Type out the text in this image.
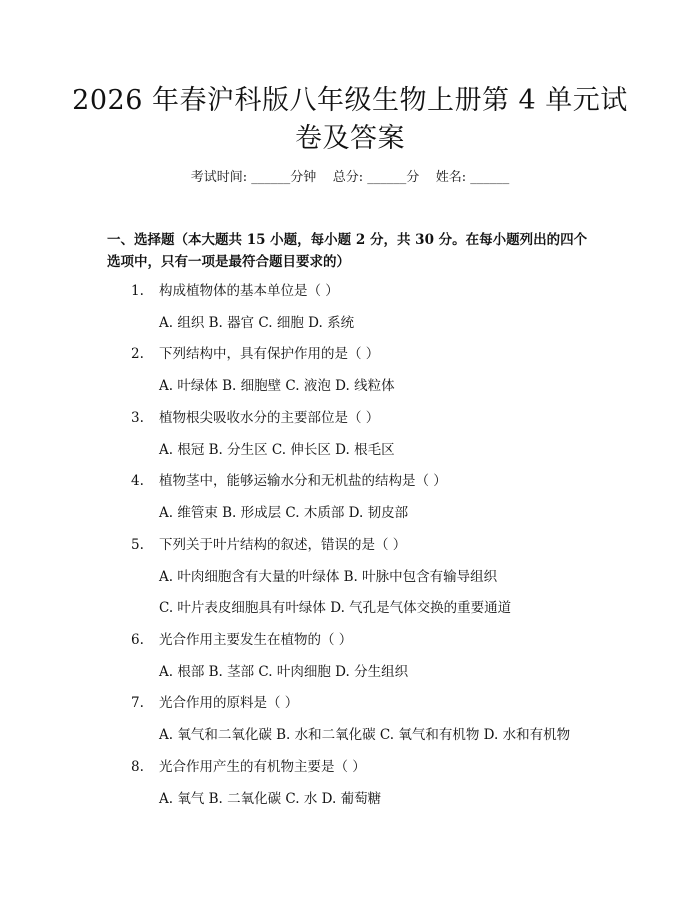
2026 年春沪科版八年级生物上册第 4 单元试
卷及答案
考试时间: ______分钟    总分: ______分    姓名: ______
一、选择题（本大题共 15 小题，每小题 2 分，共 30 分。在每小题列出的四个选项中，只有一项是最符合题目要求的）
1. 构成植物体的基本单位是（ ）
A. 组织 B. 器官 C. 细胞 D. 系统
2. 下列结构中，具有保护作用的是（ ）
A. 叶绿体 B. 细胞壁 C. 液泡 D. 线粒体
3. 植物根尖吸收水分的主要部位是（ ）
A. 根冠 B. 分生区 C. 伸长区 D. 根毛区
4. 植物茎中，能够运输水分和无机盐的结构是（ ）
A. 维管束 B. 形成层 C. 木质部 D. 韧皮部
5. 下列关于叶片结构的叙述，错误的是（ ）
A. 叶肉细胞含有大量的叶绿体 B. 叶脉中包含有输导组织
C. 叶片表皮细胞具有叶绿体 D. 气孔是气体交换的重要通道
6. 光合作用主要发生在植物的（ ）
A. 根部 B. 茎部 C. 叶肉细胞 D. 分生组织
7. 光合作用的原料是（ ）
A. 氧气和二氧化碳 B. 水和二氧化碳 C. 氧气和有机物 D. 水和有机物
8. 光合作用产生的有机物主要是（ ）
A. 氧气 B. 二氧化碳 C. 水 D. 葡萄糖
